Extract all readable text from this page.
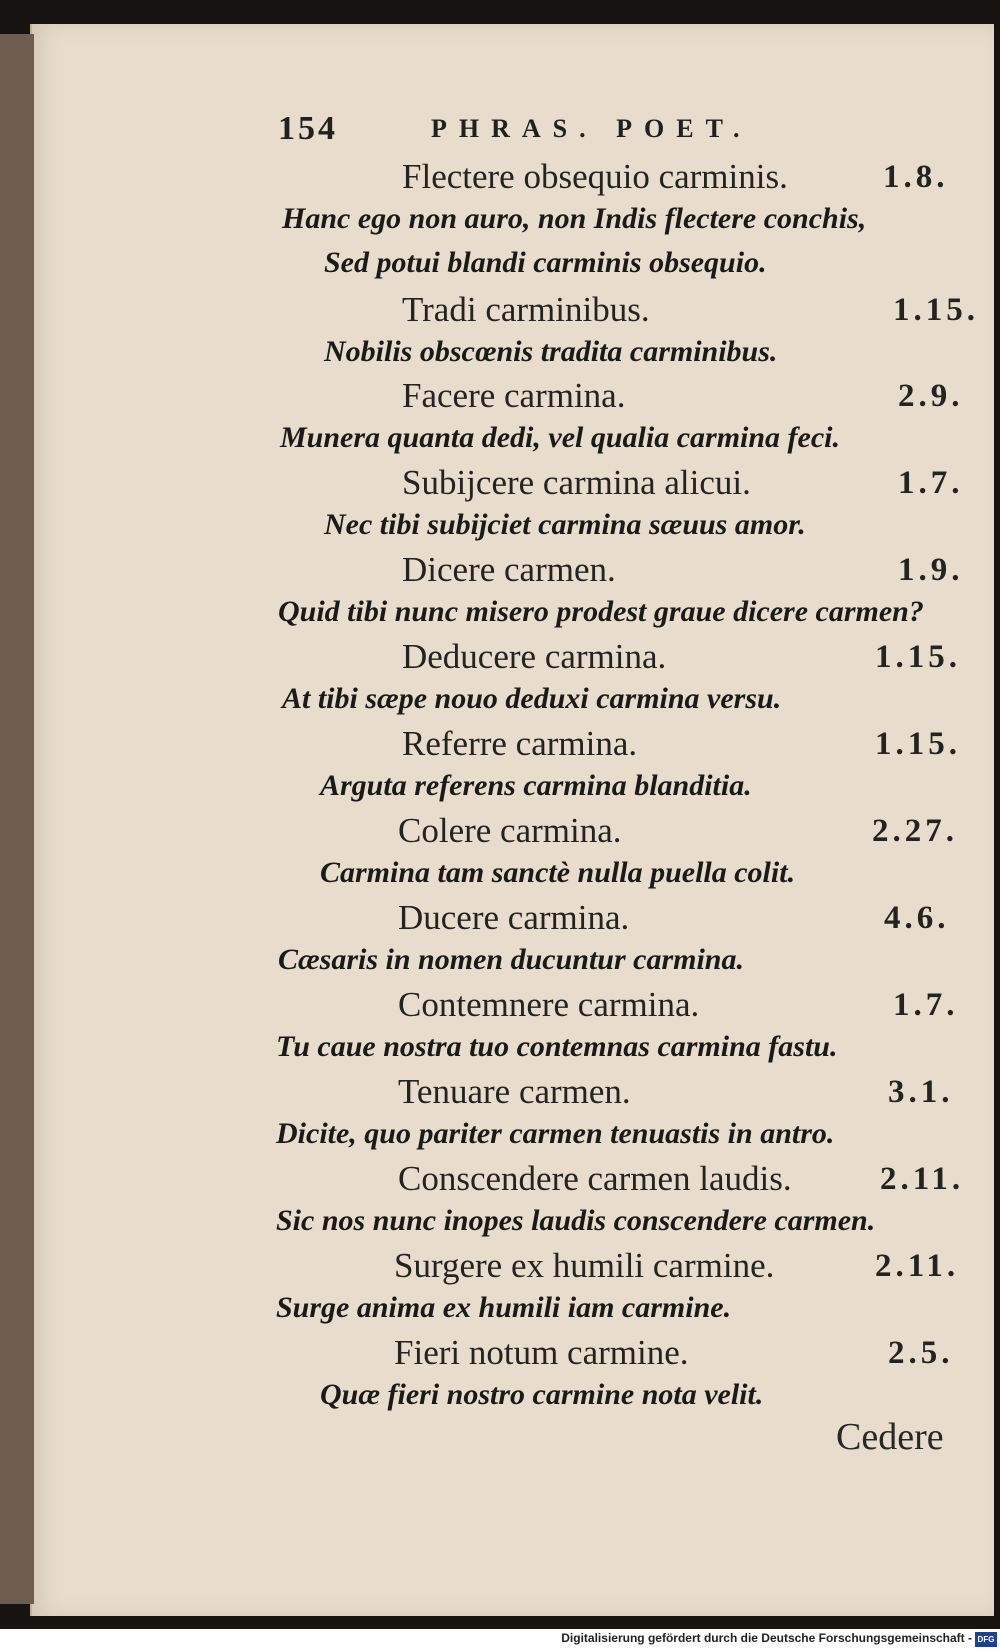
154	PHRAS. POET.
Flectere obsequio carminis.	1.8.
Hanc ego non auro, non Indis flectere conchis,
Sed potui blandi carminis obsequio.
Tradi carminibus.	1.15.
Nobilis obscœnis tradita carminibus.
Facere carmina.	2.9.
Munera quanta dedi, vel qualia carmina feci.
Subijcere carmina alicui.	1.7.
Nec tibi subijciet carmina sæuus amor.
Dicere carmen.	1.9.
Quid tibi nunc misero prodest graue dicere carmen?
Deducere carmina.	1.15.
At tibi sæpe nouo deduxi carmina versu.
Referre carmina.	1.15.
Arguta referens carmina blanditia.
Colere carmina.	2.27.
Carmina tam sanctè nulla puella colit.
Ducere carmina.	4.6.
Cæsaris in nomen ducuntur carmina.
Contemnere carmina.	1.7.
Tu caue nostra tuo contemnas carmina fastu.
Tenuare carmen.	3.1.
Dicite, quo pariter carmen tenuastis in antro.
Conscendere carmen laudis.	2.11.
Sic nos nunc inopes laudis conscendere carmen.
Surgere ex humili carmine.	2.11.
Surge anima ex humili iam carmine.
Fieri notum carmine.	2.5.
Quæ fieri nostro carmine nota velit.
Cedere
Digitalisierung gefördert durch die Deutsche Forschungsgemeinschaft - DFG
